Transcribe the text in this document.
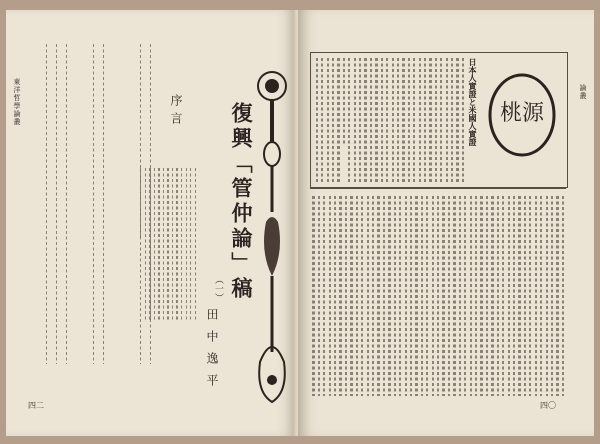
東洋哲學論叢	序言 復興「管仲論」稿
（一）
田中逸平
四二
論叢
桃源
日本人實證と米國人實證
四〇
